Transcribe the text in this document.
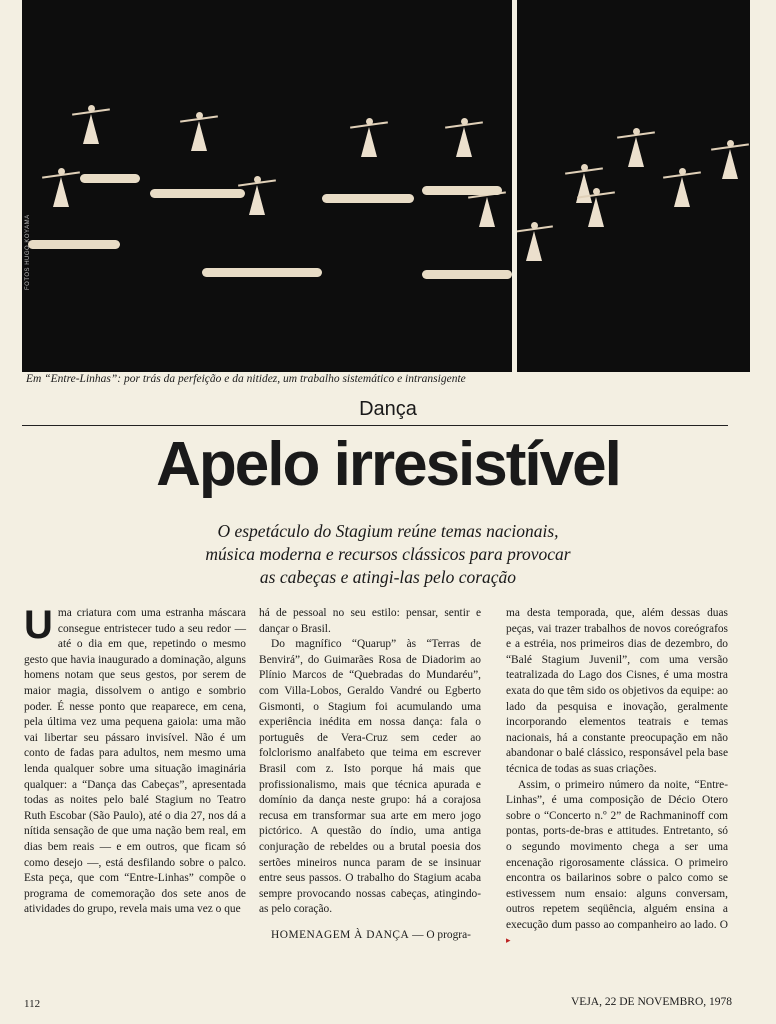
FOTOS HUGO KOYAMA
Em “Entre-Linhas”: por trás da perfeição e da nitidez, um trabalho sistemático e intransigente
Dança
Apelo irresistível
O espetáculo do Stagium reúne temas nacionais,
música moderna e recursos clássicos para provocar
as cabeças e atingi-las pelo coração

Uma criatura com uma estranha máscara consegue entristecer tudo a seu redor — até o dia em que, repetindo o mesmo gesto que havia inaugurado a dominação, alguns homens notam que seus gestos, por serem de maior magia, dissolvem o antigo e sombrio poder. É nesse ponto que reaparece, em cena, pela última vez uma pequena gaiola: uma mão vai libertar seu pássaro invisível. Não é um conto de fadas para adultos, nem mesmo uma lenda qualquer sobre uma situação imaginária qualquer: a “Dança das Cabeças”, apresentada todas as noites pelo balé Stagium no Teatro Ruth Escobar (São Paulo), até o dia 27, nos dá a nítida sensação de que uma nação bem real, em dias bem reais — e em outros, que ficam só como desejo —, está desfilando sobre o palco. Esta peça, que com “Entre-Linhas” compõe o programa de comemoração dos sete anos de atividades do grupo, revela mais uma vez o que

há de pessoal no seu estilo: pensar, sentir e dançar o Brasil.

Do magnífico “Quarup” às “Terras de Benvirá”, do Guimarães Rosa de Diadorim ao Plínio Marcos de “Quebradas do Mundaréu”, com Villa-Lobos, Geraldo Vandré ou Egberto Gismonti, o Stagium foi acumulando uma experiência inédita em nossa dança: fala o português de Vera-Cruz sem ceder ao folclorismo analfabeto que teima em escrever Brasil com z. Isto porque há mais que profissionalismo, mais que técnica apurada e domínio da dança neste grupo: há a corajosa recusa em transformar sua arte em mero jogo pictórico. A questão do índio, uma antiga conjuração de rebeldes ou a brutal poesia dos sertões mineiros nunca param de se insinuar entre seus passos. O trabalho do Stagium acaba sempre provocando nossas cabeças, atingindo-as pelo coração.

HOMENAGEM À DANÇA — O progra-

ma desta temporada, que, além dessas duas peças, vai trazer trabalhos de novos coreógrafos e a estréia, nos primeiros dias de dezembro, do “Balé Stagium Juvenil”, com uma versão teatralizada do Lago dos Cisnes, é uma mostra exata do que têm sido os objetivos da equipe: ao lado da pesquisa e inovação, geralmente incorporando elementos teatrais e temas nacionais, há a constante preocupação em não abandonar o balé clássico, responsável pela base técnica de todas as suas criações.

Assim, o primeiro número da noite, “Entre-Linhas”, é uma composição de Décio Otero sobre o “Concerto n.º 2” de Rachmaninoff com pontas, ports-de-bras e attitudes. Entretanto, só o segundo movimento chega a ser uma encenação rigorosamente clássica. O primeiro encontra os bailarinos sobre o palco como se estivessem num ensaio: alguns conversam, outros repetem seqüência, alguém ensina a execução dum passo ao companheiro ao lado. O ▸

112	VEJA, 22 DE NOVEMBRO, 1978
